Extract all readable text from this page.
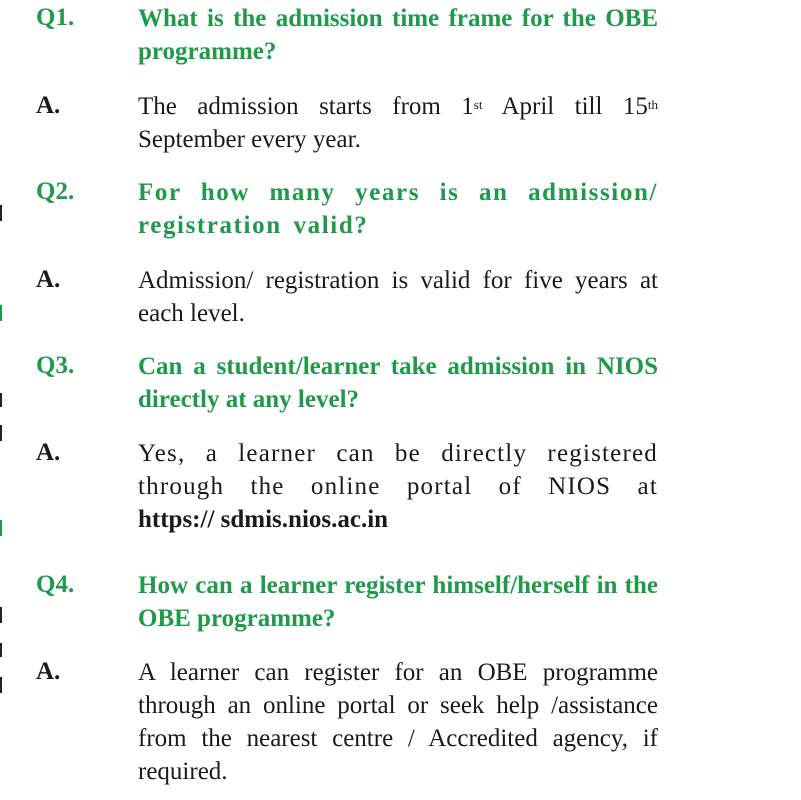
Q1.	What is the admission time frame for the OBE programme?
A.	The admission starts from 1st April till 15th September every year.
Q2.	For how many years is an admission/ registration valid?
A.	Admission/ registration is valid for five years at each level.
Q3.	Can a student/learner take admission in NIOS directly at any level?
A.	Yes, a learner can be directly registered through the online portal of NIOS at https:// sdmis.nios.ac.in
Q4.	How can a learner register himself/herself in the OBE programme?
A.	A learner can register for an OBE programme through an online portal or seek help /assistance from the nearest centre / Accredited agency, if required.
